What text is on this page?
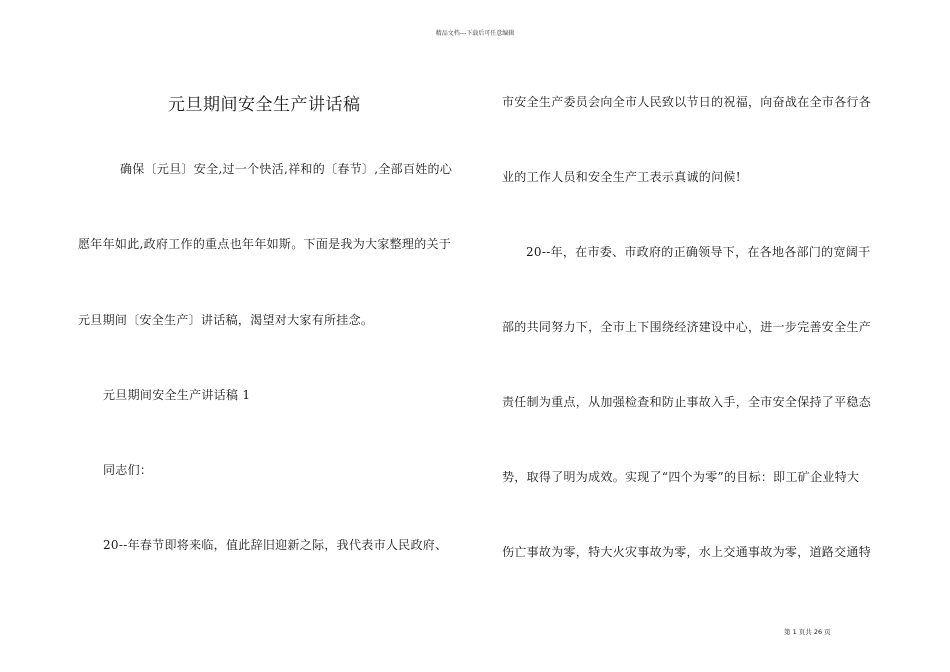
精品文档---下载后可任意编辑
元旦期间安全生产讲话稿
确保〔元旦〕安全,过一个快活,祥和的〔春节〕,全部百姓的心
愿年年如此,政府工作的重点也年年如斯。下面是我为大家整理的关于
元旦期间〔安全生产〕讲话稿，渴望对大家有所挂念。
元旦期间安全生产讲话稿 1
同志们：
20--年春节即将来临，值此辞旧迎新之际，我代表市人民政府、
市安全生产委员会向全市人民致以节日的祝福，向奋战在全市各行各
业的工作人员和安全生产工表示真诚的问候!
20--年，在市委、市政府的正确领导下，在各地各部门的宽阔干
部的共同努力下，全市上下围绕经济建设中心，进一步完善安全生产
责任制为重点，从加强检查和防止事故入手，全市安全保持了平稳态
势，取得了明为成效。实现了“四个为零”的目标：即工矿企业特大
伤亡事故为零，特大火灾事故为零，水上交通事故为零，道路交通特
第 1 页共 26 页
